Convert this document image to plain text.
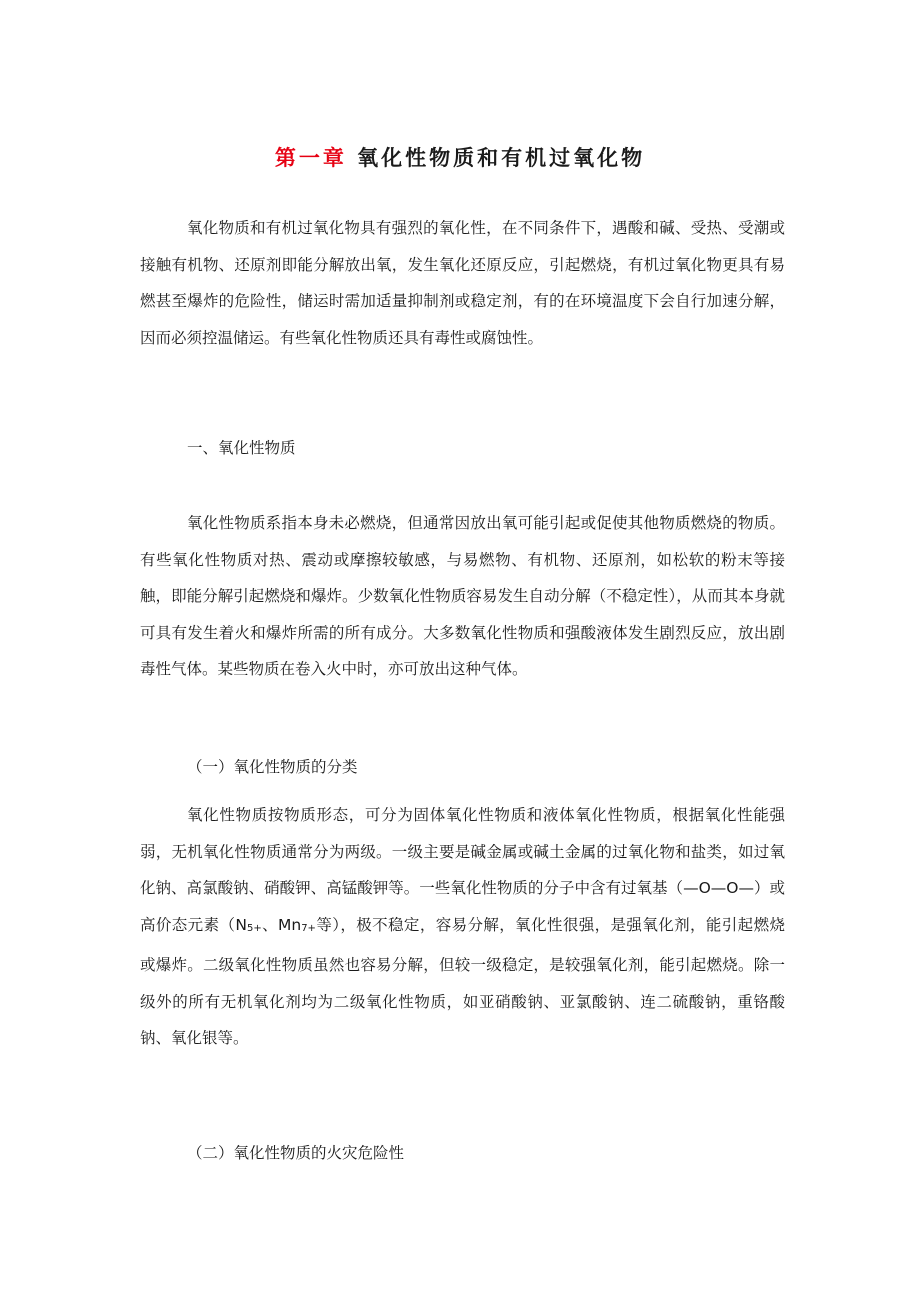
第一章 氧化性物质和有机过氧化物

氧化物质和有机过氧化物具有强烈的氧化性，在不同条件下，遇酸和碱、受热、受潮或接触有机物、还原剂即能分解放出氧，发生氧化还原反应，引起燃烧，有机过氧化物更具有易燃甚至爆炸的危险性，储运时需加适量抑制剂或稳定剂，有的在环境温度下会自行加速分解，因而必须控温储运。有些氧化性物质还具有毒性或腐蚀性。

一、氧化性物质

氧化性物质系指本身未必燃烧，但通常因放出氧可能引起或促使其他物质燃烧的物质。有些氧化性物质对热、震动或摩擦较敏感，与易燃物、有机物、还原剂，如松软的粉末等接触，即能分解引起燃烧和爆炸。少数氧化性物质容易发生自动分解（不稳定性），从而其本身就可具有发生着火和爆炸所需的所有成分。大多数氧化性物质和强酸液体发生剧烈反应，放出剧毒性气体。某些物质在卷入火中时，亦可放出这种气体。

（一）氧化性物质的分类

氧化性物质按物质形态，可分为固体氧化性物质和液体氧化性物质，根据氧化性能强弱，无机氧化性物质通常分为两级。一级主要是碱金属或碱土金属的过氧化物和盐类，如过氧化钠、高氯酸钠、硝酸钾、高锰酸钾等。一些氧化性物质的分子中含有过氧基（—O—O—）或高价态元素（$N_{5+}$、$Mn_{7+}$等），极不稳定，容易分解，氧化性很强，是强氧化剂，能引起燃烧或爆炸。二级氧化性物质虽然也容易分解，但较一级稳定，是较强氧化剂，能引起燃烧。除一级外的所有无机氧化剂均为二级氧化性物质，如亚硝酸钠、亚氯酸钠、连二硫酸钠，重铬酸钠、氧化银等。

（二）氧化性物质的火灾危险性
